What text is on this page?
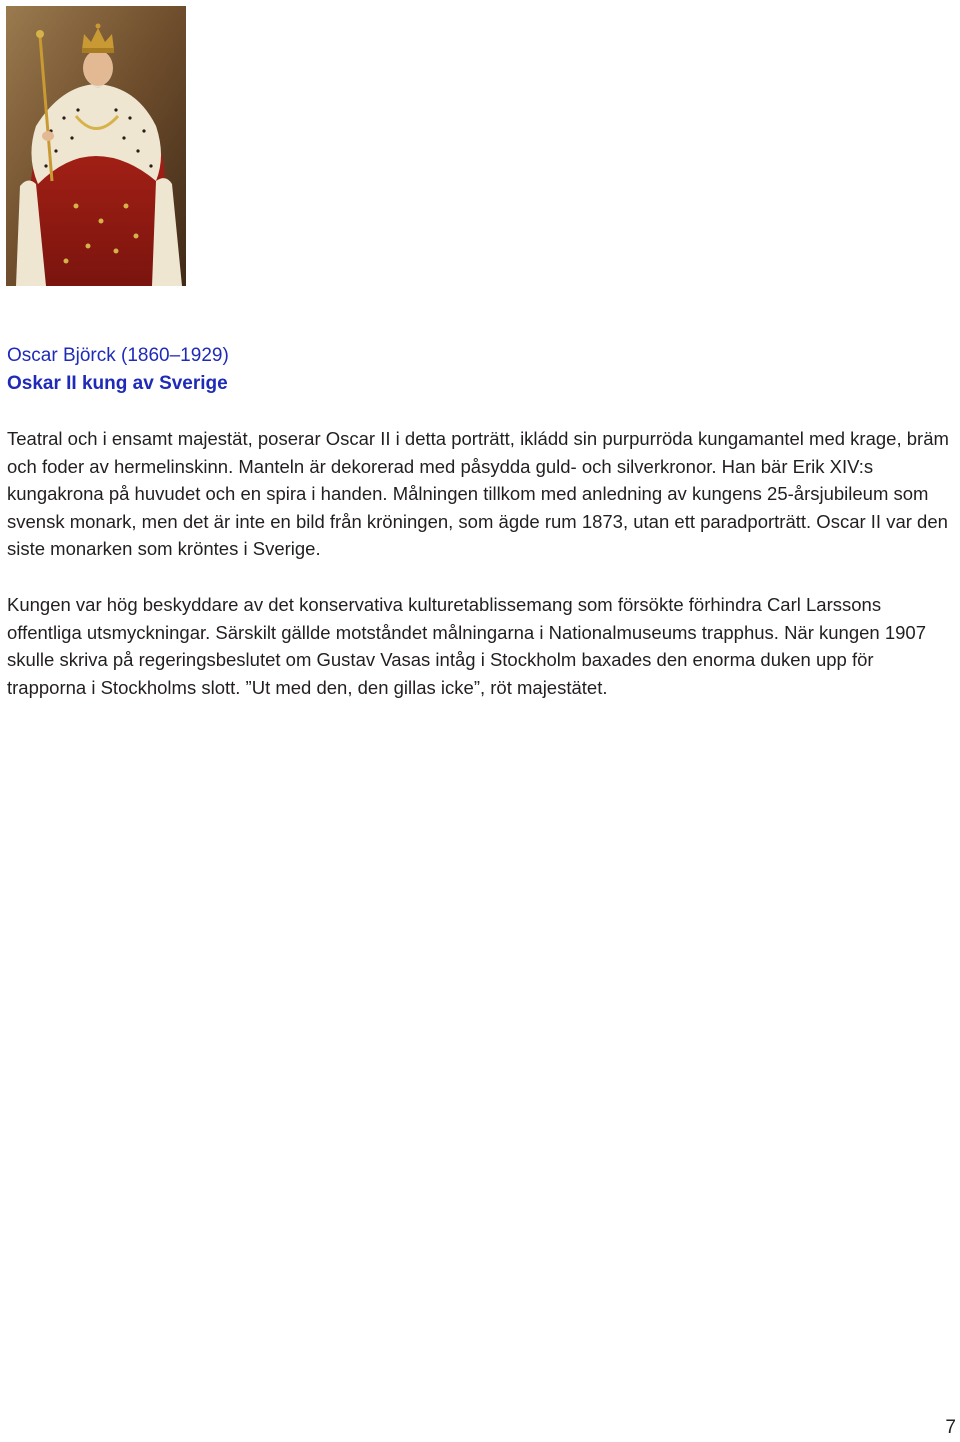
Oscar Björck (1860–1929)
Oskar II kung av Sverige

Teatral och i ensamt majestät, poserar Oscar II i detta porträtt, ikládd sin purpurröda kungamantel med krage, bräm och foder av hermelinskinn. Manteln är dekorerad med påsydda guld- och silverkronor. Han bär Erik XIV:s kungakrona på huvudet och en spira i handen. Målningen tillkom med anledning av kungens 25-årsjubileum som svensk monark, men det är inte en bild från kröningen, som ägde rum 1873, utan ett paradporträtt. Oscar II var den siste monarken som kröntes i Sverige.

Kungen var hög beskyddare av det konservativa kulturetablissemang som försökte förhindra Carl Larssons offentliga utsmyckningar. Särskilt gällde motståndet målningarna i Nationalmuseums trapphus. När kungen 1907 skulle skriva på regeringsbeslutet om Gustav Vasas intåg i Stockholm baxades den enorma duken upp för trapporna i Stockholms slott. ”Ut med den, den gillas icke”, röt majestätet.

7
